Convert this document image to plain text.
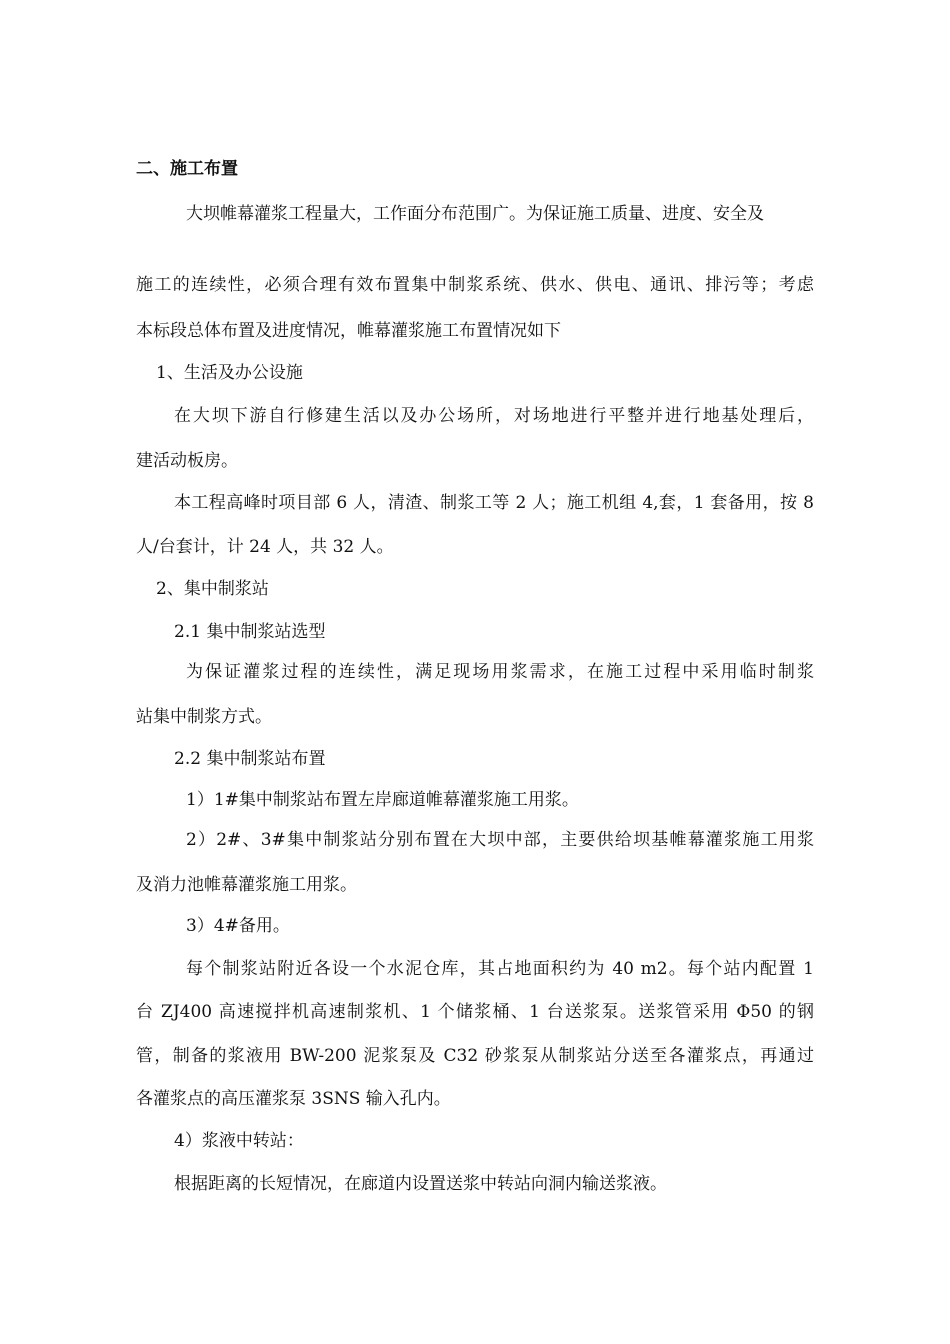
二、施工布置
大坝帷幕灌浆工程量大，工作面分布范围广。为保证施工质量、进度、安全及
施工的连续性，必须合理有效布置集中制浆系统、供水、供电、通讯、排污等；考虑
本标段总体布置及进度情况，帷幕灌浆施工布置情况如下
1、生活及办公设施
在大坝下游自行修建生活以及办公场所，对场地进行平整并进行地基处理后，
建活动板房。
本工程高峰时项目部 6 人，清渣、制浆工等 2 人；施工机组 4,套，1 套备用，按 8
人/台套计，计 24 人，共 32 人。
2、集中制浆站
2.1 集中制浆站选型
为保证灌浆过程的连续性，满足现场用浆需求，在施工过程中采用临时制浆
站集中制浆方式。
2.2 集中制浆站布置
1）1#集中制浆站布置左岸廊道帷幕灌浆施工用浆。
2）2#、3#集中制浆站分别布置在大坝中部，主要供给坝基帷幕灌浆施工用浆
及消力池帷幕灌浆施工用浆。
3）4#备用。
每个制浆站附近各设一个水泥仓库，其占地面积约为 40 m2。每个站内配置 1
台 ZJ400 高速搅拌机高速制浆机、1 个储浆桶、1 台送浆泵。送浆管采用 Φ50 的钢
管，制备的浆液用 BW-200 泥浆泵及 C32 砂浆泵从制浆站分送至各灌浆点，再通过
各灌浆点的高压灌浆泵 3SNS 输入孔内。
4）浆液中转站：
根据距离的长短情况，在廊道内设置送浆中转站向洞内输送浆液。
